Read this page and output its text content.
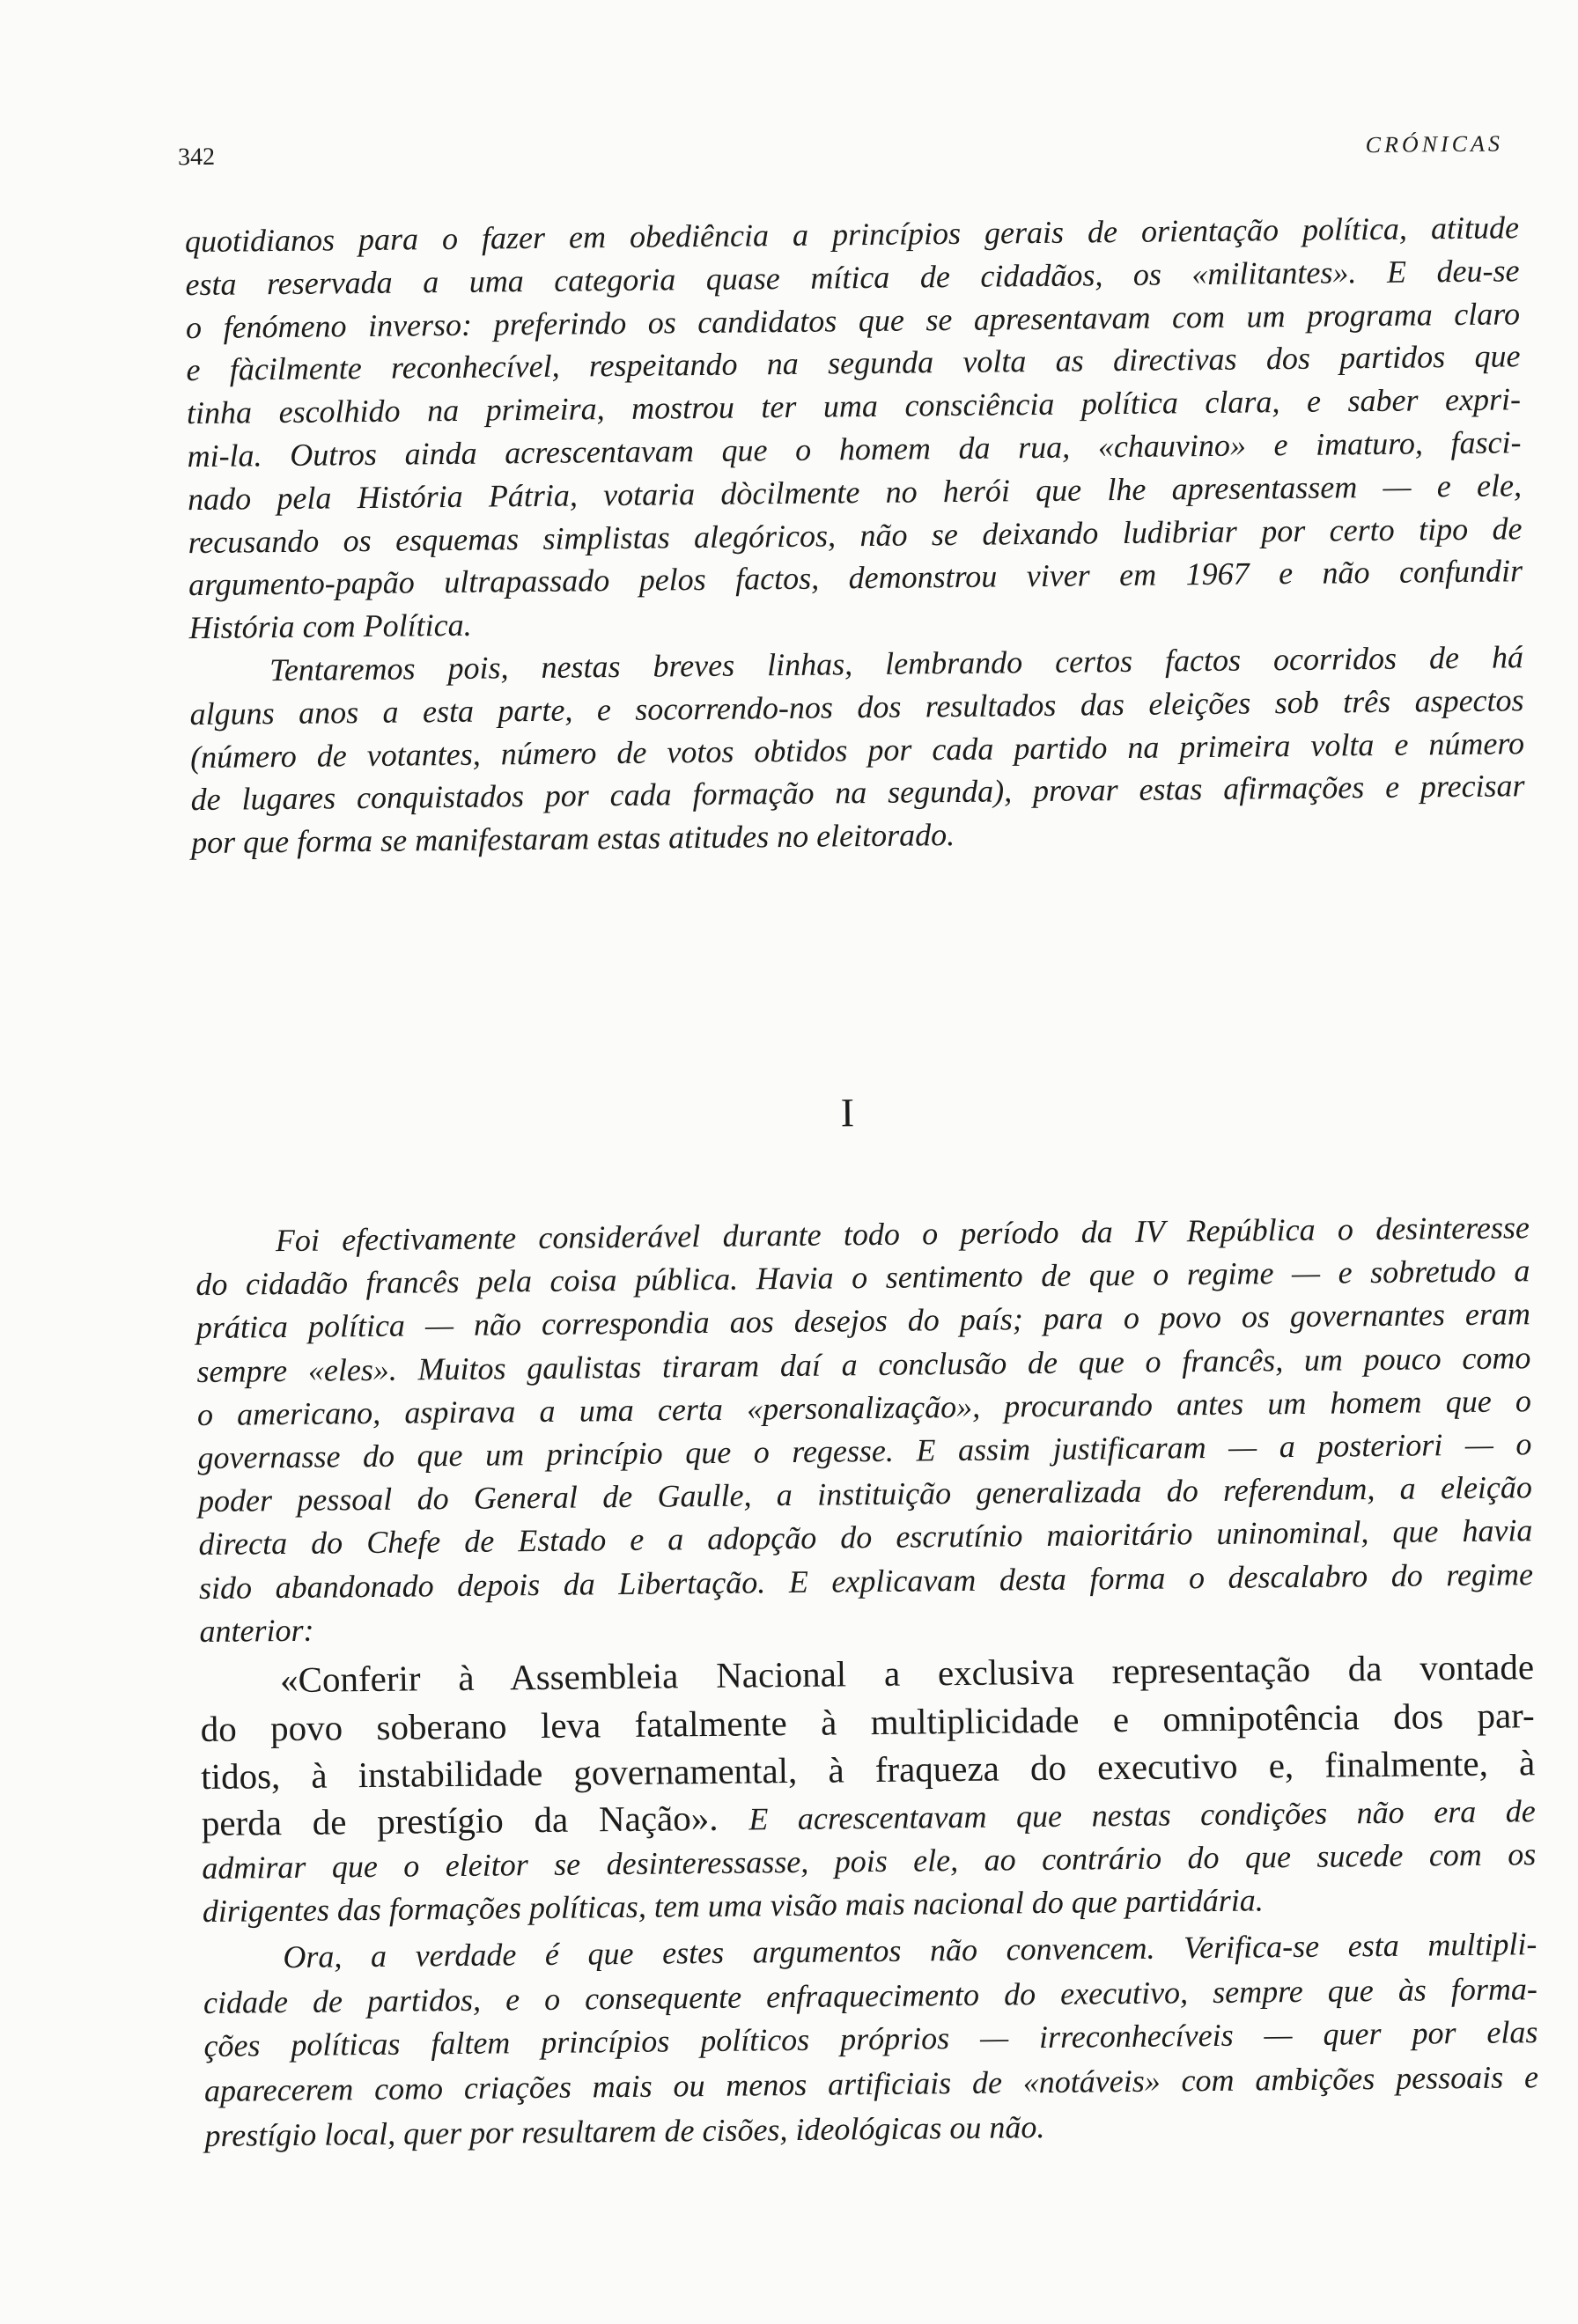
342	CRÓNICAS
quotidianos para o fazer em obediência a princípios gerais de orientação política, atitude
esta reservada a uma categoria quase mítica de cidadãos, os «militantes». E deu-se
o fenómeno inverso: preferindo os candidatos que se apresentavam com um programa claro
e fàcilmente reconhecível, respeitando na segunda volta as directivas dos partidos que
tinha escolhido na primeira, mostrou ter uma consciência política clara, e saber expri-
mi-la. Outros ainda acrescentavam que o homem da rua, «chauvino» e imaturo, fasci-
nado pela História Pátria, votaria dòcilmente no herói que lhe apresentassem — e ele,
recusando os esquemas simplistas alegóricos, não se deixando ludibriar por certo tipo de
argumento-papão ultrapassado pelos factos, demonstrou viver em 1967 e não confundir
História com Política.
Tentaremos pois, nestas breves linhas, lembrando certos factos ocorridos de há
alguns anos a esta parte, e socorrendo-nos dos resultados das eleições sob três aspectos
(número de votantes, número de votos obtidos por cada partido na primeira volta e número
de lugares conquistados por cada formação na segunda), provar estas afirmações e precisar
por que forma se manifestaram estas atitudes no eleitorado.
I
Foi efectivamente considerável durante todo o período da IV República o desinteresse
do cidadão francês pela coisa pública. Havia o sentimento de que o regime — e sobretudo a
prática política — não correspondia aos desejos do país; para o povo os governantes eram
sempre «eles». Muitos gaulistas tiraram daí a conclusão de que o francês, um pouco como
o americano, aspirava a uma certa «personalização», procurando antes um homem que o
governasse do que um princípio que o regesse. E assim justificaram — a posteriori — o
poder pessoal do General de Gaulle, a instituição generalizada do referendum, a eleição
directa do Chefe de Estado e a adopção do escrutínio maioritário uninominal, que havia
sido abandonado depois da Libertação. E explicavam desta forma o descalabro do regime
anterior:
«Conferir à Assembleia Nacional a exclusiva representação da vontade
do povo soberano leva fatalmente à multiplicidade e omnipotência dos par-
tidos, à instabilidade governamental, à fraqueza do executivo e, finalmente, à
perda de prestígio da Nação». E acrescentavam que nestas condições não era de
admirar que o eleitor se desinteressasse, pois ele, ao contrário do que sucede com os
dirigentes das formações políticas, tem uma visão mais nacional do que partidária.
Ora, a verdade é que estes argumentos não convencem. Verifica-se esta multipli-
cidade de partidos, e o consequente enfraquecimento do executivo, sempre que às forma-
ções políticas faltem princípios políticos próprios — irreconhecíveis — quer por elas
aparecerem como criações mais ou menos artificiais de «notáveis» com ambições pessoais e
prestígio local, quer por resultarem de cisões, ideológicas ou não.
